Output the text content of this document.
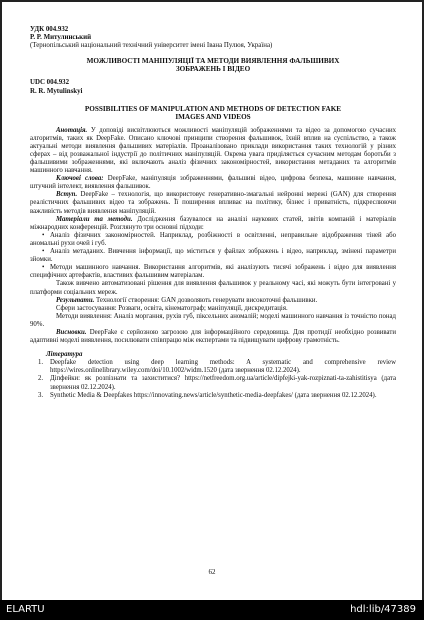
УДК 004.932
Р. Р. Митулинський
(Тернопільський національний технічний університет імені Івана Пулюя, Україна)
МОЖЛИВОСТІ МАНІПУЛЯЦІЇ ТА МЕТОДИ ВИЯВЛЕННЯ ФАЛЬШИВИХ ЗОБРАЖЕНЬ І ВІДЕО
UDC 004.932
R. R. Mytulinskyi
POSSIBILITIES OF MANIPULATION AND METHODS OF DETECTION FAKE IMAGES AND VIDEOS

Анотація. У доповіді висвітлюються можливості маніпуляцій зображеннями та відео за допомогою сучасних алгоритмів, таких як DeepFake. Описано ключові принципи створення фальшивок, їхній вплив на суспільство, а також актуальні методи виявлення фальшивих матеріалів. Проаналізовано приклади використання таких технологій у різних сферах – від розважальної індустрії до політичних маніпуляцій. Окрема увага приділяється сучасним методам боротьби з фальшивими зображеннями, які включають аналіз фізичних закономірностей, використання метаданих та алгоритмів машинного навчання.

Ключові слова: DeepFake, маніпуляція зображеннями, фальшиві відео, цифрова безпека, машинне навчання, штучний інтелект, виявлення фальшивок.

Вступ. DeepFake – технологія, що використовує генеративно-змагальні нейронні мережі (GAN) для створення реалістичних фальшивих відео та зображень. Її поширення впливає на політику, бізнес і приватність, підкреслюючи важливість методів виявлення маніпуляцій.

Матеріали та методи. Дослідження базувалося на аналізі наукових статей, звітів компаній і матеріалів міжнародних конференцій. Розглянуто три основні підходи:

• Аналіз фізичних закономірностей. Наприклад, розбіжності в освітленні, неправильне відображення тіней або аномальні рухи очей і губ.

• Аналіз метаданих. Вивчення інформації, що міститься у файлах зображень і відео, наприклад, змінені параметри зйомки.

• Методи машинного навчання. Використання алгоритмів, які аналізують тисячі зображень і відео для виявлення специфічних артефактів, властивих фальшивим матеріалам.

Також вивчено автоматизовані рішення для виявлення фальшивок у реальному часі, які можуть бути інтегровані у платформи соціальних мереж.

Результати. Технології створення: GAN дозволяють генерувати високоточні фальшивки.

Сфери застосування: Розваги, освіта, кінематограф; маніпуляції, дискредитація.

Методи виявлення: Аналіз моргання, рухів губ, піксельних аномалій; моделі машинного навчання із точністю понад 90%.

Висновки. DeepFake є серйозною загрозою для інформаційного середовища. Для протидії необхідно розвивати адаптивні моделі виявлення, посилювати співпрацю між експертами та підвищувати цифрову грамотність.

Література
1.	Deepfake detection using deep learning methods: A systematic and comprehensive review https://wires.onlinelibrary.wiley.com/doi/10.1002/widm.1520 (дата звернення 02.12.2024).
2.	Діпфейки: як розпізнати та захиститися? https://netfreedom.org.ua/article/dipfejki-yak-rozpiznati-ta-zahistitisya (дата звернення 02.12.2024).
3.	Synthetic Media & Deepfakes https://innovating.news/article/synthetic-media-deepfakes/ (дата звернення 02.12.2024).
62
ELARTU	hdl:lib/47389
